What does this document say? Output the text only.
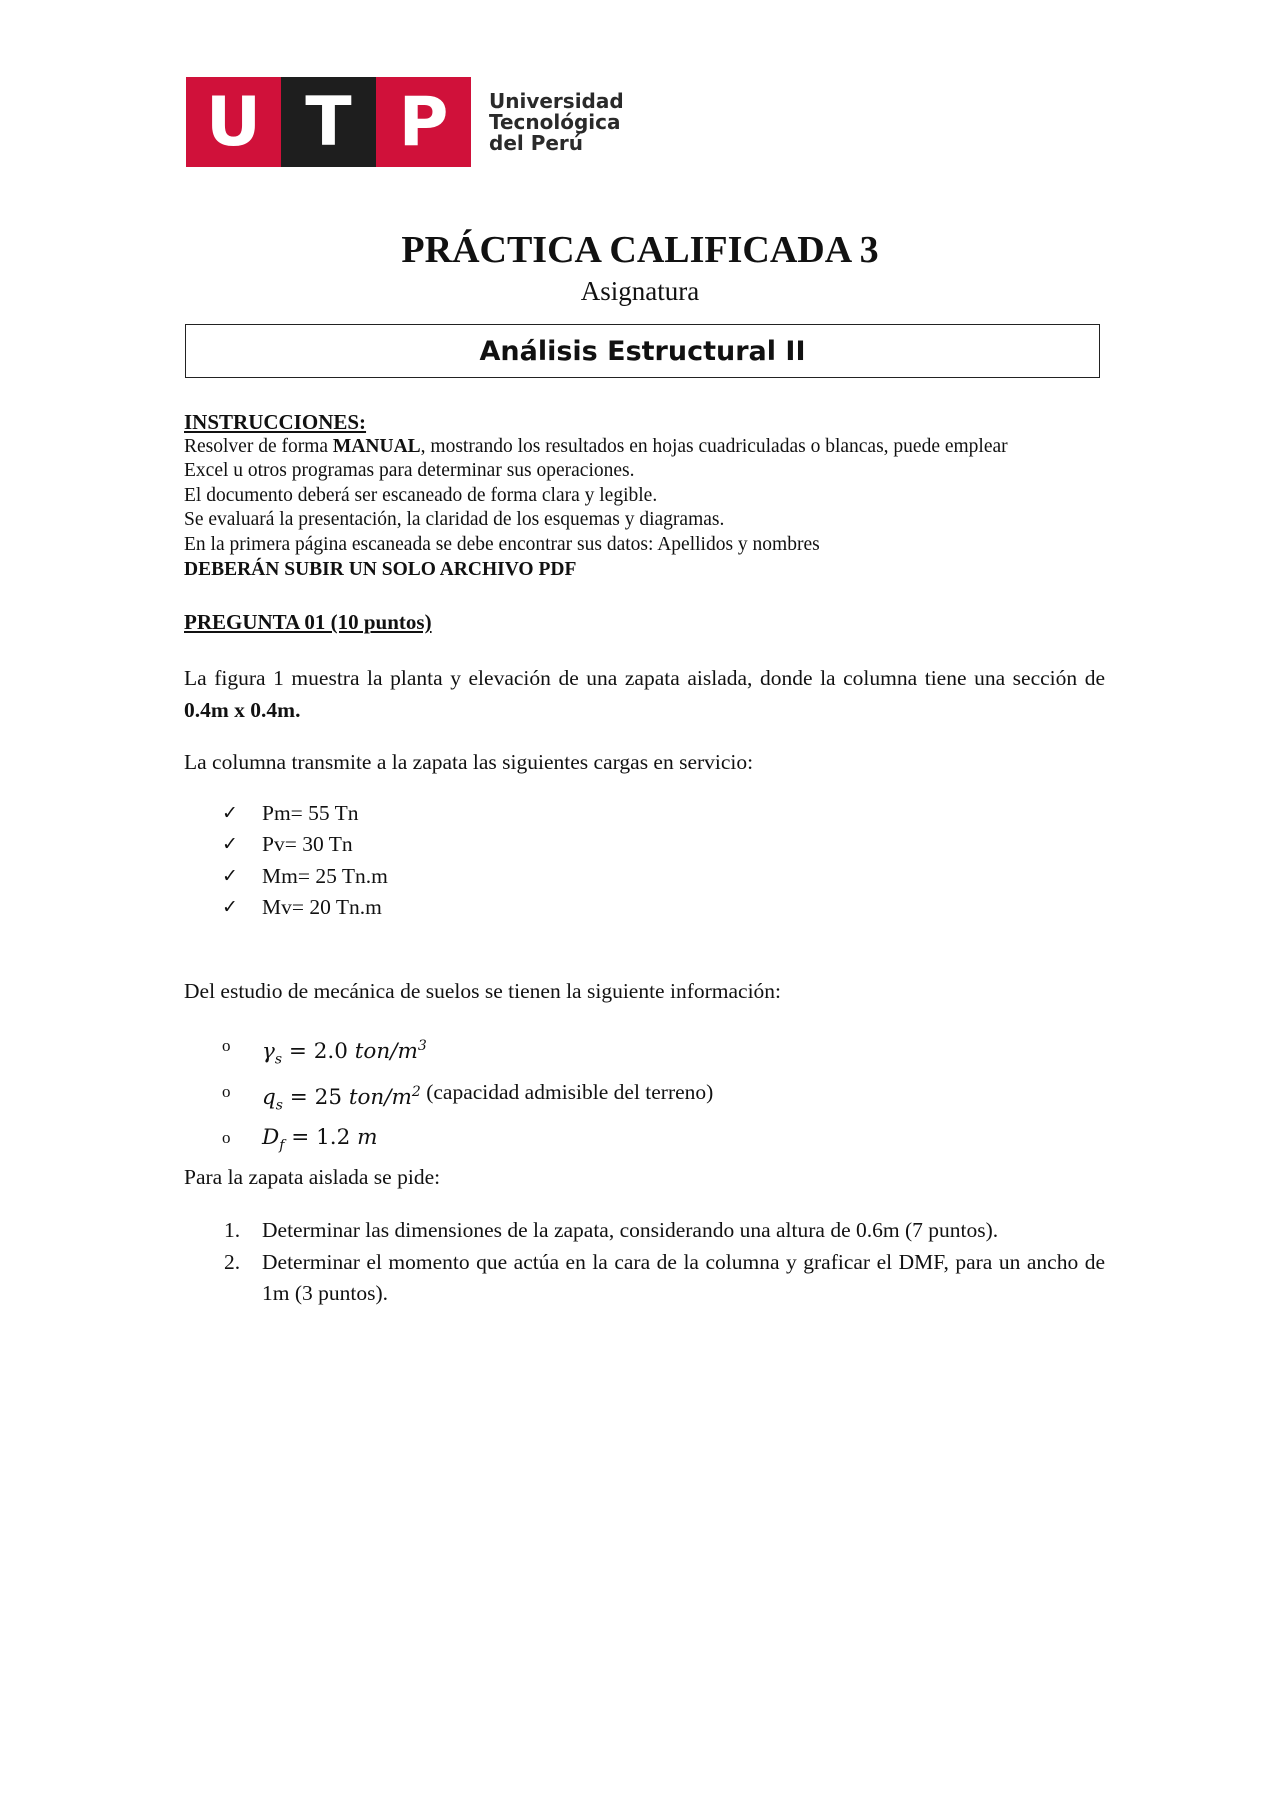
U T P	Universidad
Tecnológica
del Perú
PRÁCTICA CALIFICADA 3
Asignatura
Análisis Estructural II
INSTRUCCIONES:
Resolver de forma MANUAL, mostrando los resultados en hojas cuadriculadas o blancas, puede emplear
Excel u otros programas para determinar sus operaciones.
El documento deberá ser escaneado de forma clara y legible.
Se evaluará la presentación, la claridad de los esquemas y diagramas.
En la primera página escaneada se debe encontrar sus datos: Apellidos y nombres
DEBERÁN SUBIR UN SOLO ARCHIVO PDF
PREGUNTA 01 (10 puntos)

La figura 1 muestra la planta y elevación de una zapata aislada, donde la columna tiene una sección de 0.4m x 0.4m.

La columna transmite a la zapata las siguientes cargas en servicio:

✓	Pm= 55 Tn
✓	Pv= 30 Tn
✓	Mm= 25 Tn.m
✓	Mv= 20 Tn.m

Del estudio de mecánica de suelos se tienen la siguiente información:

o	$\gamma_s = 2.0$ ton/$m^3$
o	$q_s = 25$ ton/$m^2$
(capacidad admisible del terreno)
o	$D_f = 1.2$ m

Para la zapata aislada se pide:

1.	Determinar las dimensiones de la zapata, considerando una altura de 0.6m (7 puntos).
2.	Determinar el momento que actúa en la cara de la columna y graficar el DMF, para un ancho de 1m (3 puntos).
